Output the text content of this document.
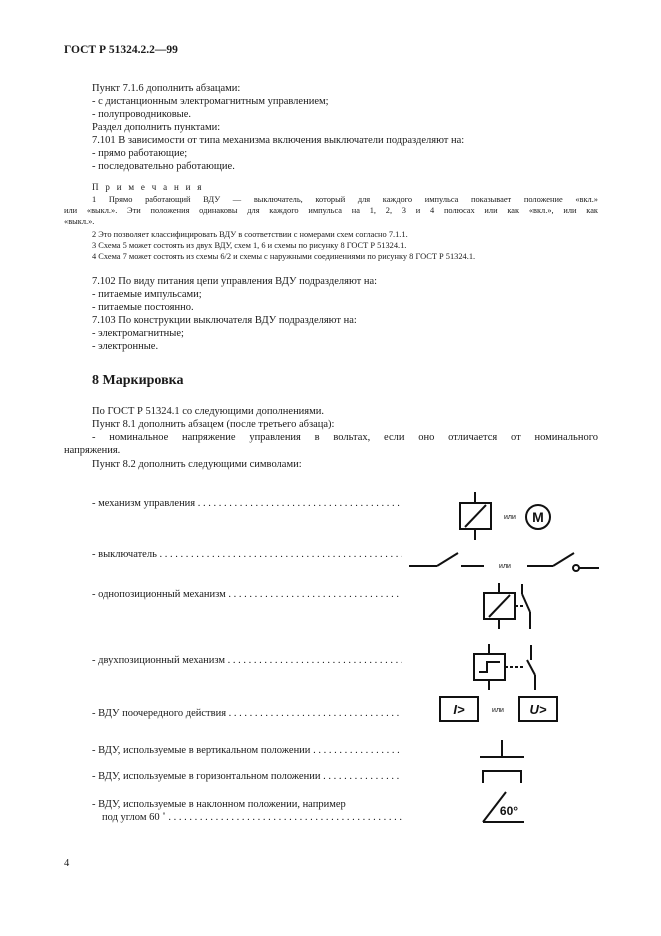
ГОСТ Р 51324.2.2—99
Пункт 7.1.6 дополнить абзацами:
- с дистанционным электромагнитным управлением;
- полупроводниковые.
Раздел дополнить пунктами:
7.101 В зависимости от типа механизма включения выключатели подразделяют на:
- прямо работающие;
- последовательно работающие.
П р и м е ч а н и я
1 Прямо работающий ВДУ — выключатель, который для каждого импульса показывает положение «вкл.»
или «выкл.». Эти положения одинаковы для каждого импульса на 1, 2, 3 и 4 полюсах или как «вкл.», или как
«выкл.».
2 Это позволяет классифицировать ВДУ в соответствии с номерами схем согласно 7.1.1.
3 Схема 5 может состоять из двух ВДУ, схем 1, 6 и схемы по рисунку 8 ГОСТ Р 51324.1.
4 Схема 7 может состоять из схемы 6/2 и схемы с наружными соединениями по рисунку 8 ГОСТ Р 51324.1.
7.102 По виду питания цепи управления ВДУ подразделяют на:
- питаемые импульсами;
- питаемые постоянно.
7.103 По конструкции выключателя ВДУ подразделяют на:
- электромагнитные;
- электронные.
8 Маркировка
По ГОСТ Р 51324.1 со следующими дополнениями.
Пункт 8.1 дополнить абзацем (после третьего абзаца):
- номинальное напряжение управления в вольтах, если оно отличается от номинального
напряжения.
Пункт 8.2 дополнить следующими символами:
- механизм управления . . .
- выключатель . . .
- однопозиционный механизм . . .
- двухпозиционный механизм . . .
- ВДУ поочередного действия . . .
- ВДУ, используемые в вертикальном положении . . .
- ВДУ, используемые в горизонтальном положении . . .
- ВДУ, используемые в наклонном положении, например
под углом 60 ˚ . . .
или M
или
I>	или U>
60°
4
